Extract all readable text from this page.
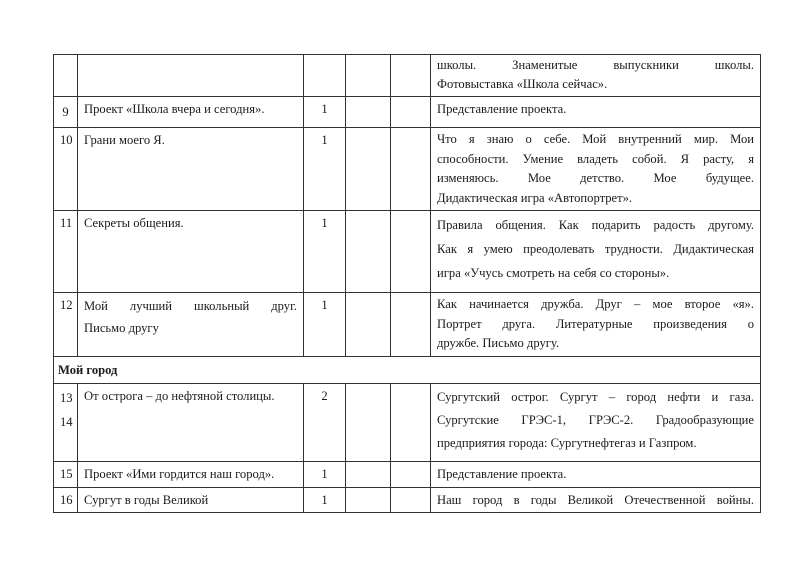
					школы. Знаменитые выпускники школы.
Фотовыставка «Школа сейчас».

9	Проект «Школа вчера и сегодня».	1			Представление проекта.

10	Грани моего Я.	1			Что я знаю о себе. Мой внутренний мир. Мои
способности. Умение владеть собой. Я расту, я
изменяюсь. Мое детство. Мое будущее.
Дидактическая игра «Автопортрет».

11	Секреты общения.	1			Правила общения. Как подарить радость другому.
Как я умею преодолевать трудности. Дидактическая
игра «Учусь смотреть на себя со стороны».

12	Мой лучший школьный друг.
Письмо другу	1			Как начинается дружба. Друг – мое второе «я».
Портрет друга. Литературные произведения о
дружбе. Письмо другу.

Мой город					

13
14	От острога – до нефтяной столицы.	2			Сургутский острог. Сургут – город нефти и газа.
Сургутские ГРЭС-1, ГРЭС-2. Градообразующие
предприятия города: Сургутнефтегаз и Газпром.

15	Проект «Ими гордится наш город».	1			Представление проекта.

16	Сургут в годы Великой	1			Наш город в годы Великой Отечественной войны.
